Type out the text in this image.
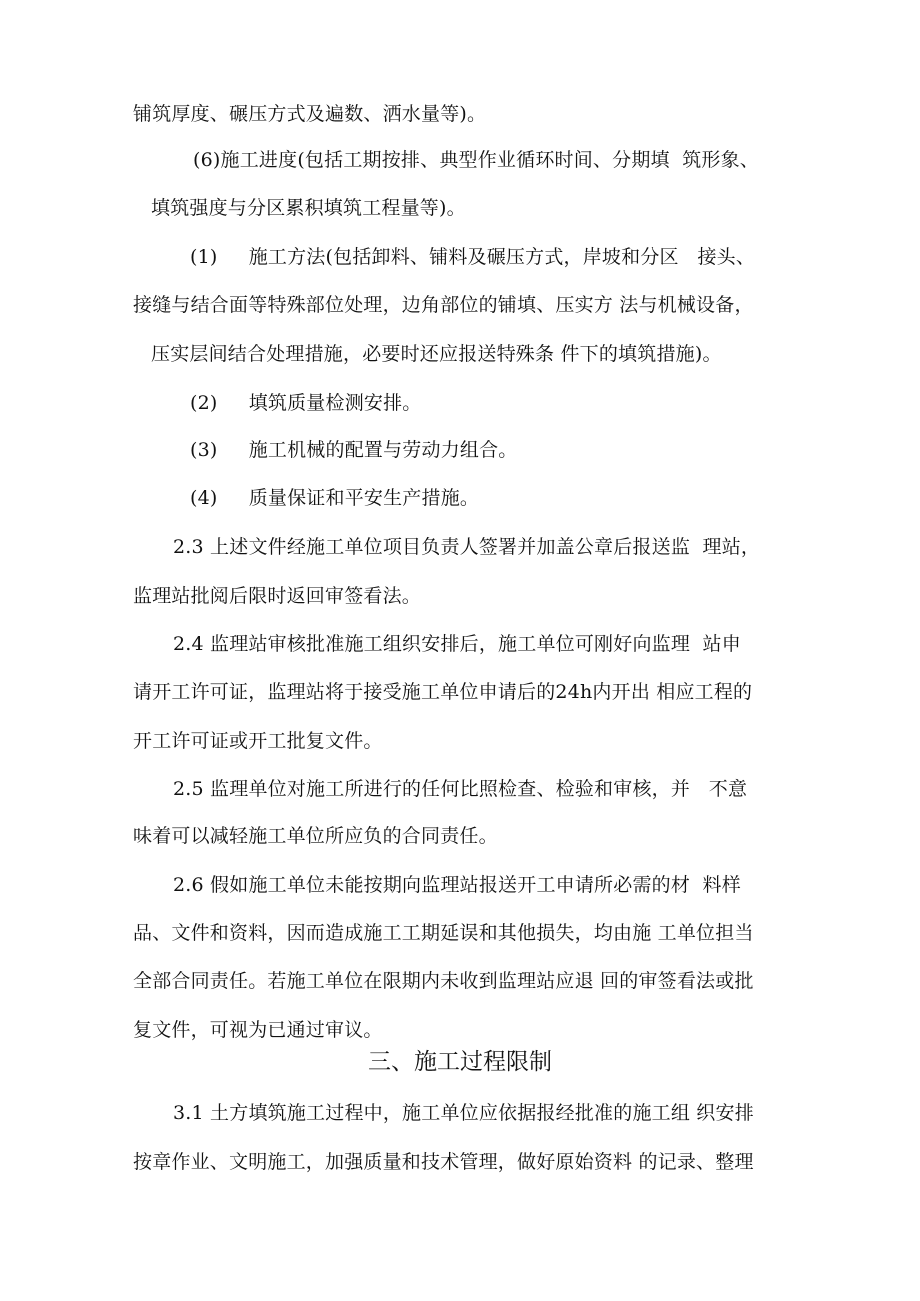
铺筑厚度、碾压方式及遍数、洒水量等)。
(6)施工进度(包括工期按排、典型作业循环时间、分期填  筑形象、
填筑强度与分区累积填筑工程量等)。
(1)     施工方法(包括卸料、铺料及碾压方式，岸坡和分区   接头、
接缝与结合面等特殊部位处理，边角部位的铺填、压实方 法与机械设备，
压实层间结合处理措施，必要时还应报送特殊条 件下的填筑措施)。
(2)     填筑质量检测安排。
(3)     施工机械的配置与劳动力组合。
(4)     质量保证和平安生产措施。
2.3 上述文件经施工单位项目负责人签署并加盖公章后报送监  理站，
监理站批阅后限时返回审签看法。
2.4 监理站审核批准施工组织安排后，施工单位可刚好向监理  站申
请开工许可证，监理站将于接受施工单位申请后的24h内开出 相应工程的
开工许可证或开工批复文件。
2.5 监理单位对施工所进行的任何比照检查、检验和审核，并   不意
味着可以减轻施工单位所应负的合同责任。
2.6 假如施工单位未能按期向监理站报送开工申请所必需的材  料样
品、文件和资料，因而造成施工工期延误和其他损失，均由施 工单位担当
全部合同责任。若施工单位在限期内未收到监理站应退 回的审签看法或批
复文件，可视为已通过审议。
三、施工过程限制
3.1 土方填筑施工过程中，施工单位应依据报经批准的施工组 织安排
按章作业、文明施工，加强质量和技术管理，做好原始资料 的记录、整理
